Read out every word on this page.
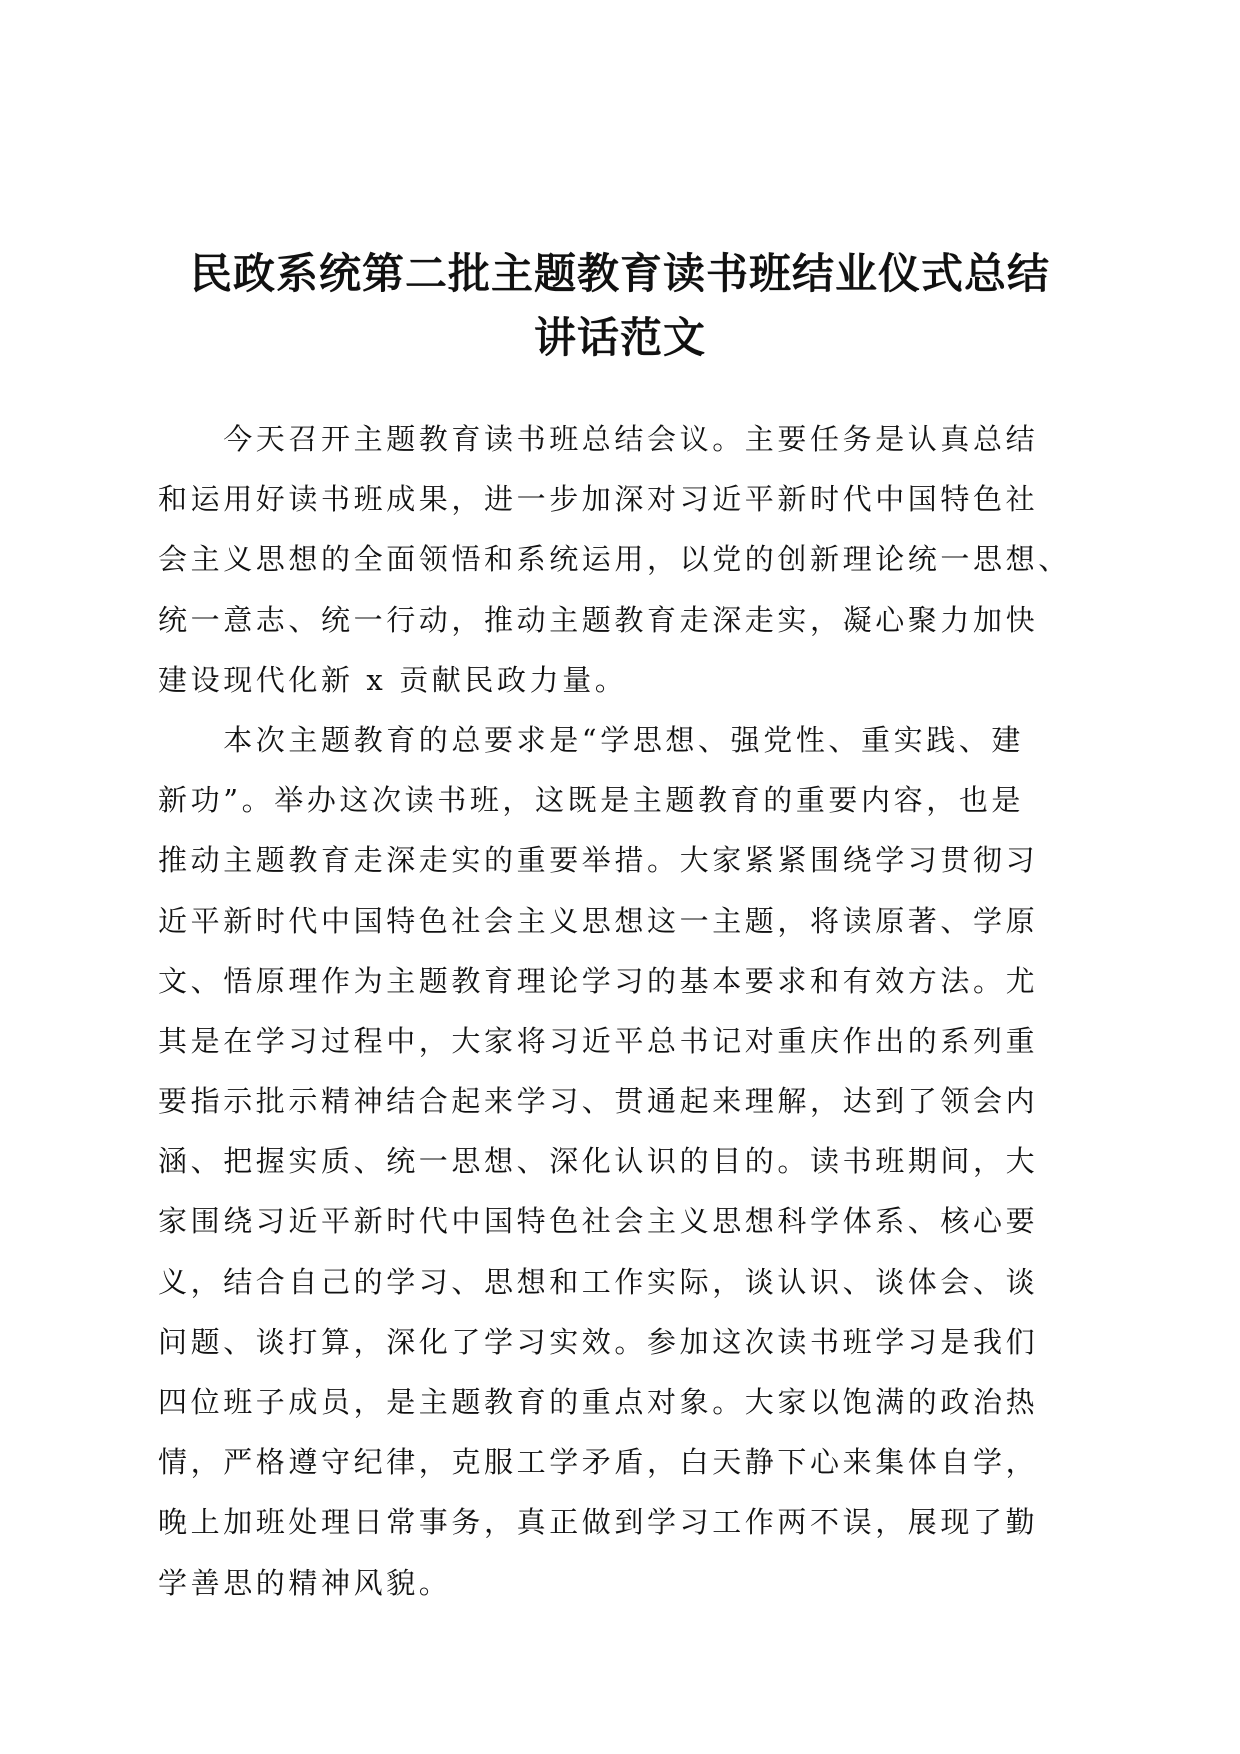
民政系统第二批主题教育读书班结业仪式总结
讲话范文

　　今天召开主题教育读书班总结会议。主要任务是认真总结
和运用好读书班成果，进一步加深对习近平新时代中国特色社
会主义思想的全面领悟和系统运用，以党的创新理论统一思想、
统一意志、统一行动，推动主题教育走深走实，凝心聚力加快
建设现代化新 x 贡献民政力量。

　　本次主题教育的总要求是“学思想、强党性、重实践、建
新功”。举办这次读书班，这既是主题教育的重要内容，也是
推动主题教育走深走实的重要举措。大家紧紧围绕学习贯彻习
近平新时代中国特色社会主义思想这一主题，将读原著、学原
文、悟原理作为主题教育理论学习的基本要求和有效方法。尤
其是在学习过程中，大家将习近平总书记对重庆作出的系列重
要指示批示精神结合起来学习、贯通起来理解，达到了领会内
涵、把握实质、统一思想、深化认识的目的。读书班期间，大
家围绕习近平新时代中国特色社会主义思想科学体系、核心要
义，结合自己的学习、思想和工作实际，谈认识、谈体会、谈
问题、谈打算，深化了学习实效。参加这次读书班学习是我们
四位班子成员，是主题教育的重点对象。大家以饱满的政治热
情，严格遵守纪律，克服工学矛盾，白天静下心来集体自学，
晚上加班处理日常事务，真正做到学习工作两不误，展现了勤
学善思的精神风貌。
